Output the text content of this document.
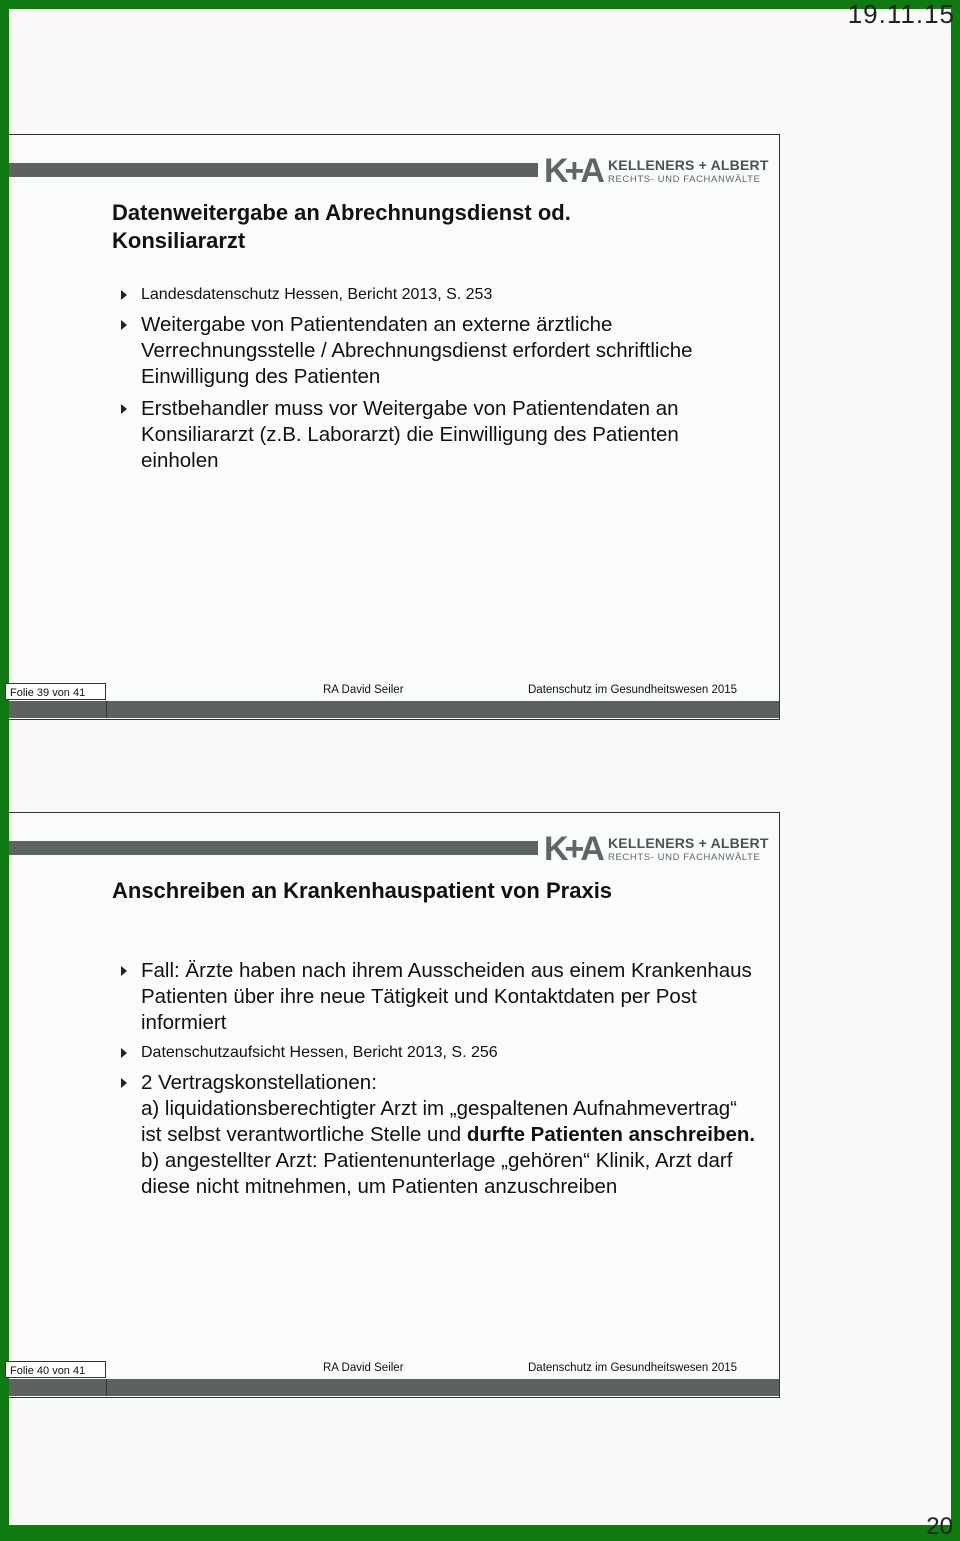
19.11.15
K+A KELLENERS + ALBERT
RECHTS- UND FACHANWÄLTE
Datenweitergabe an Abrechnungsdienst od. Konsiliararzt
Landesdatenschutz Hessen, Bericht 2013, S. 253
Weitergabe von Patientendaten an externe ärztliche Verrechnungsstelle / Abrechnungsdienst erfordert schriftliche Einwilligung des Patienten
Erstbehandler muss vor Weitergabe von Patientendaten an Konsiliararzt (z.B. Laborarzt) die Einwilligung des Patienten einholen
Folie 39 von 41	RA David Seiler	Datenschutz im Gesundheitswesen 2015
K+A KELLENERS + ALBERT
RECHTS- UND FACHANWÄLTE
Anschreiben an Krankenhauspatient von Praxis
Fall: Ärzte haben nach ihrem Ausscheiden aus einem Krankenhaus Patienten über ihre neue Tätigkeit und Kontaktdaten per Post informiert
Datenschutzaufsicht Hessen, Bericht 2013, S. 256
2 Vertragskonstellationen:
a) liquidationsberechtigter Arzt im „gespaltenen Aufnahmevertrag“ ist selbst verantwortliche Stelle und durfte Patienten anschreiben.
b) angestellter Arzt: Patientenunterlage „gehören“ Klinik, Arzt darf diese nicht mitnehmen, um Patienten anzuschreiben
Folie 40 von 41	RA David Seiler	Datenschutz im Gesundheitswesen 2015
20
